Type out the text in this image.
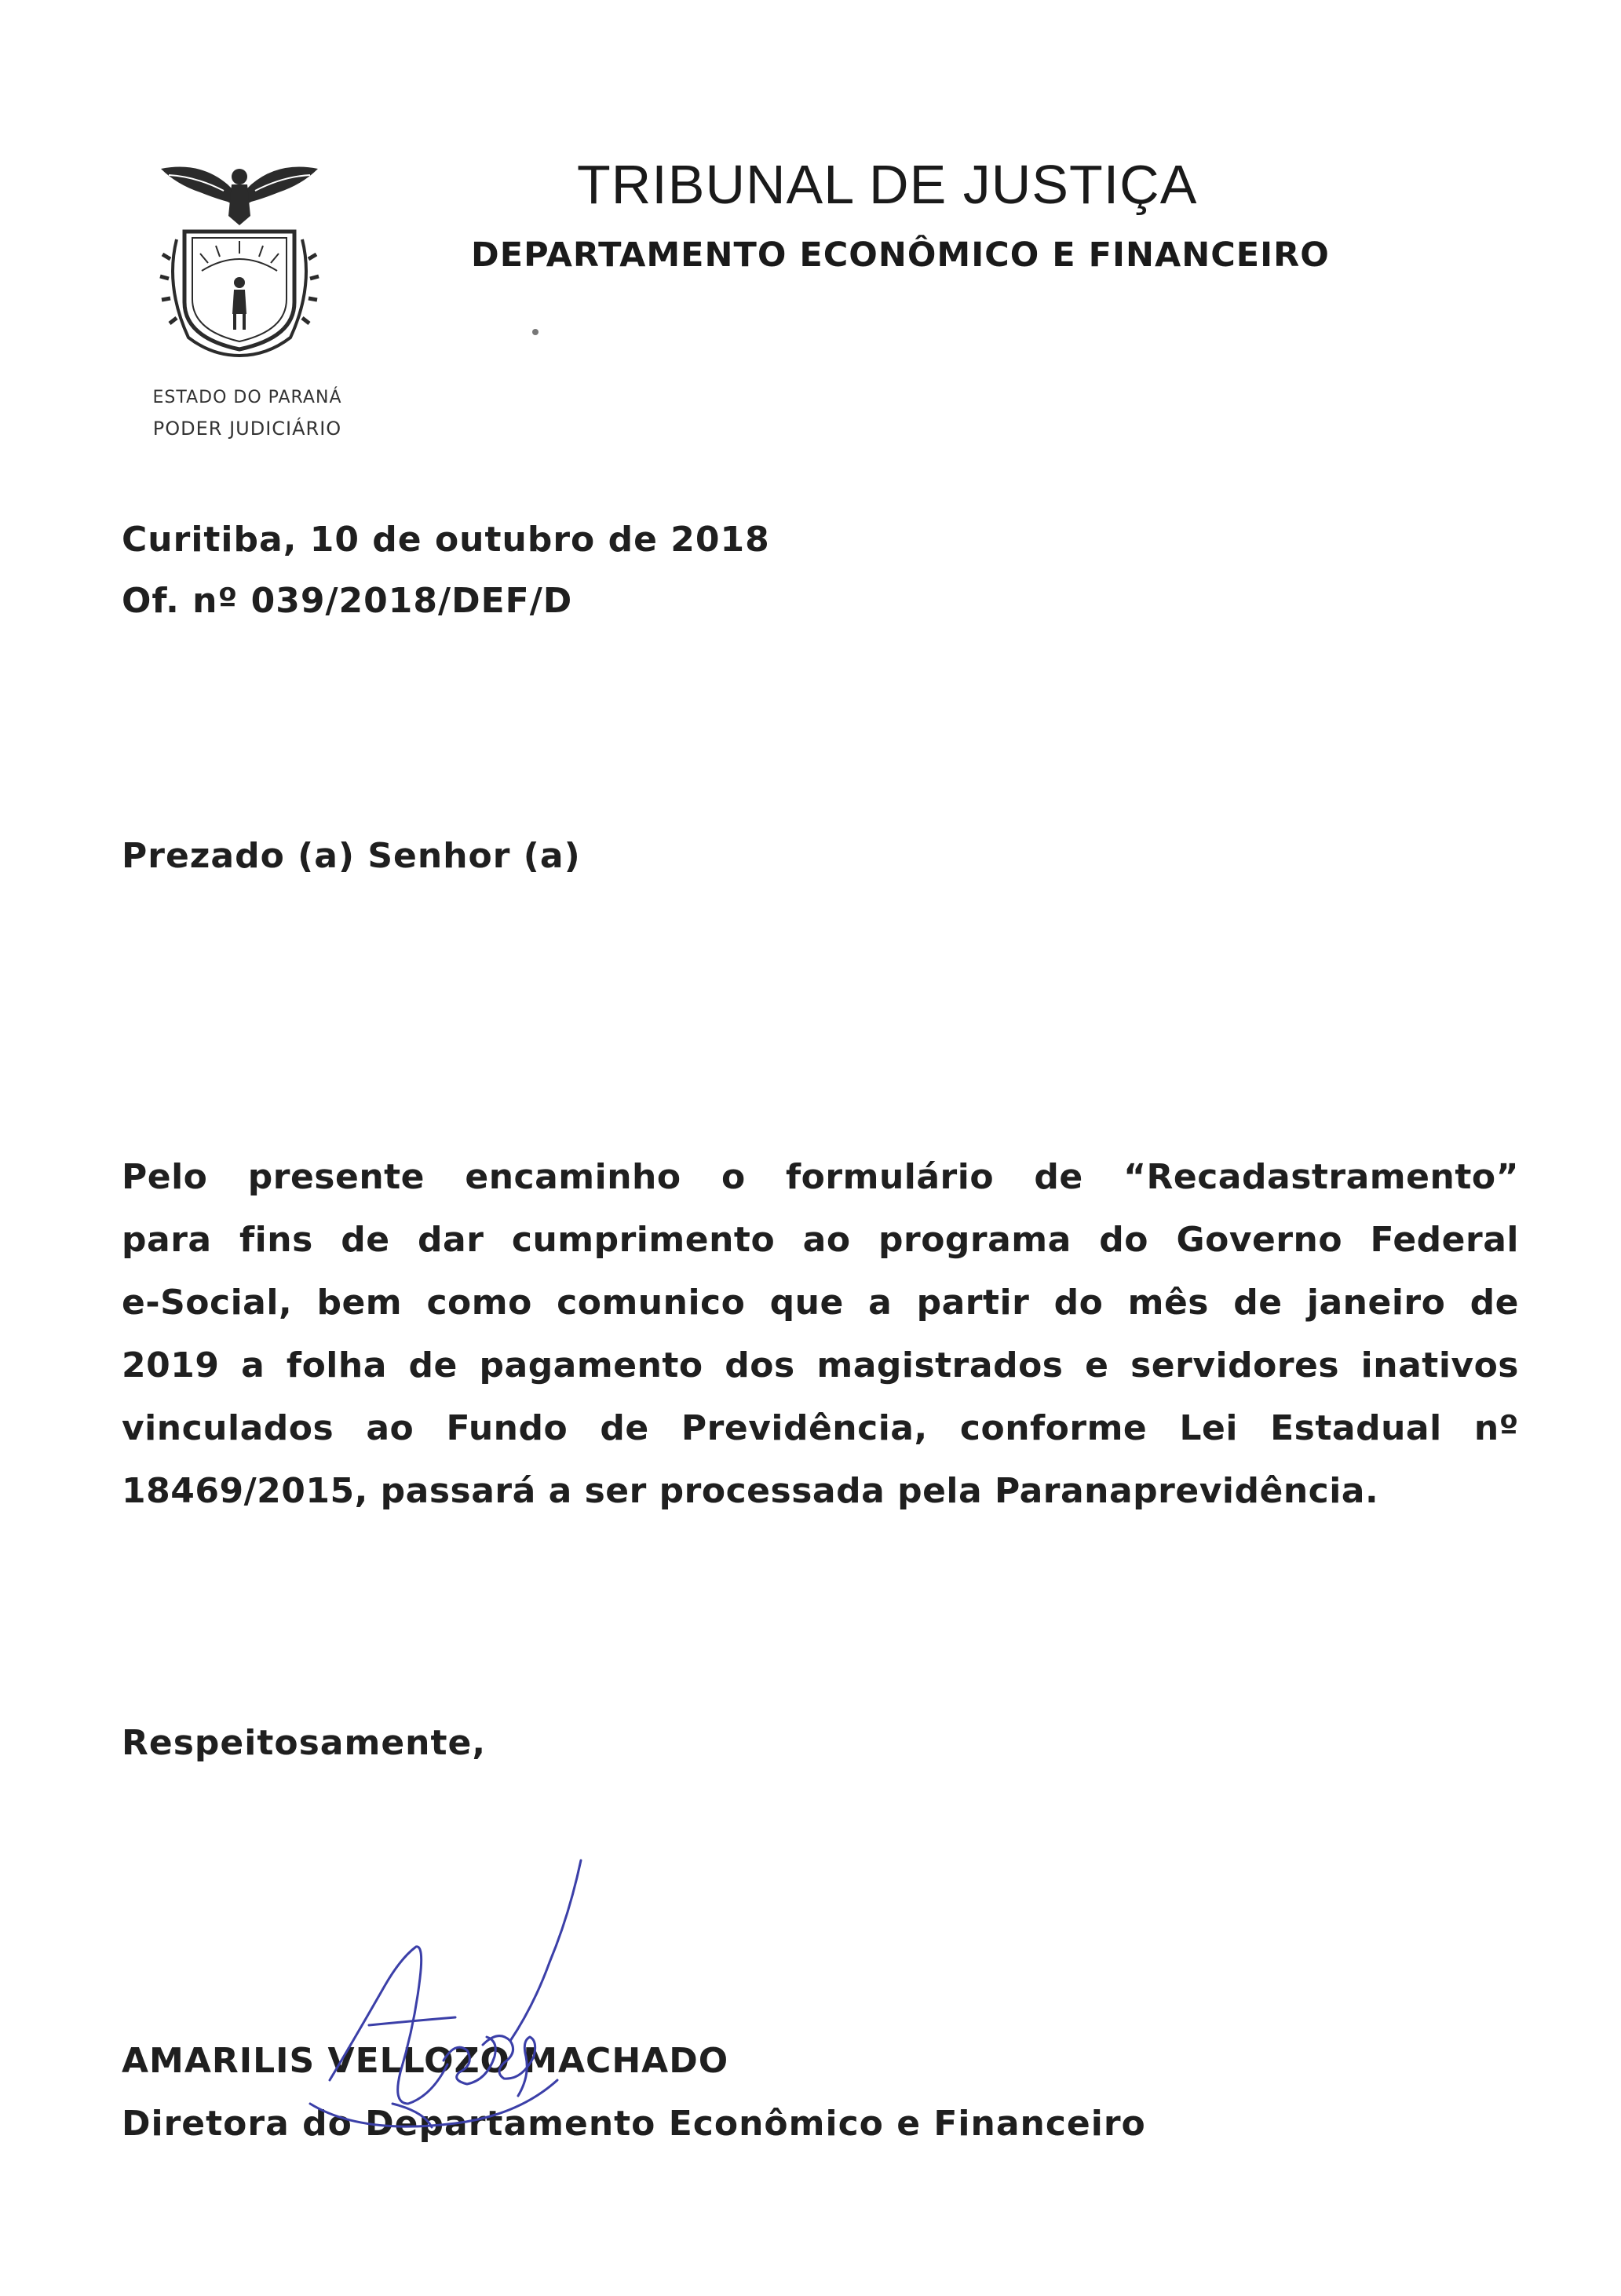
ESTADO DO PARANÁ
PODER JUDICIÁRIO
TRIBUNAL DE JUSTIÇA
DEPARTAMENTO ECONÔMICO E FINANCEIRO
Curitiba, 10 de outubro de 2018
Of. nº 039/2018/DEF/D
Prezado (a) Senhor (a)
Pelo presente encaminho o formulário de “Recadastramento”
para fins de dar cumprimento ao programa do Governo Federal
e-Social, bem como comunico que a partir do mês de janeiro de
2019 a folha de pagamento dos magistrados e servidores inativos
vinculados ao Fundo de Previdência, conforme Lei Estadual nº
18469/2015, passará a ser processada pela Paranaprevidência.
Respeitosamente,
AMARILIS VELLOZO MACHADO
Diretora do Departamento Econômico e Financeiro
